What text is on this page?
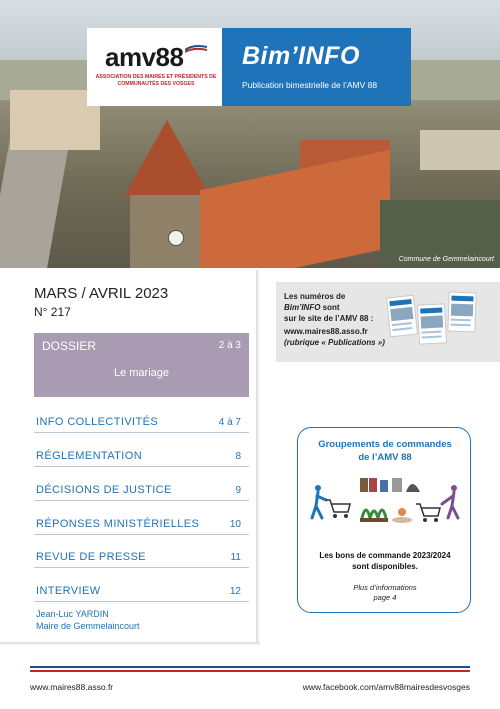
Commune de Gemmelaincourt
amv88
ASSOCIATION DES MAIRES ET PRÉSIDENTS DE COMMUNAUTÉS DES VOSGES
Bim’INFO
Publication bimestrielle de l’AMV 88
MARS / AVRIL 2023
N° 217
DOSSIER	2 à 3
Le mariage
INFO COLLECTIVITÉS	4 à 7
RÉGLEMENTATION	8
DÉCISIONS DE JUSTICE	9
RÉPONSES MINISTÉRIELLES	10
REVUE DE PRESSE	11
INTERVIEW	12
Jean-Luc YARDIN
Maire de Gemmelaincourt
Les numéros de
Bim’INFO sont
sur le site de l’AMV 88 :
www.maires88.asso.fr
(rubrique « Publications »)
Groupements de commandes
de l’AMV 88
Les bons de commande 2023/2024
sont disponibles.
Plus d’informations
page 4
www.maires88.asso.fr	www.facebook.com/amv88mairesdesvosges
